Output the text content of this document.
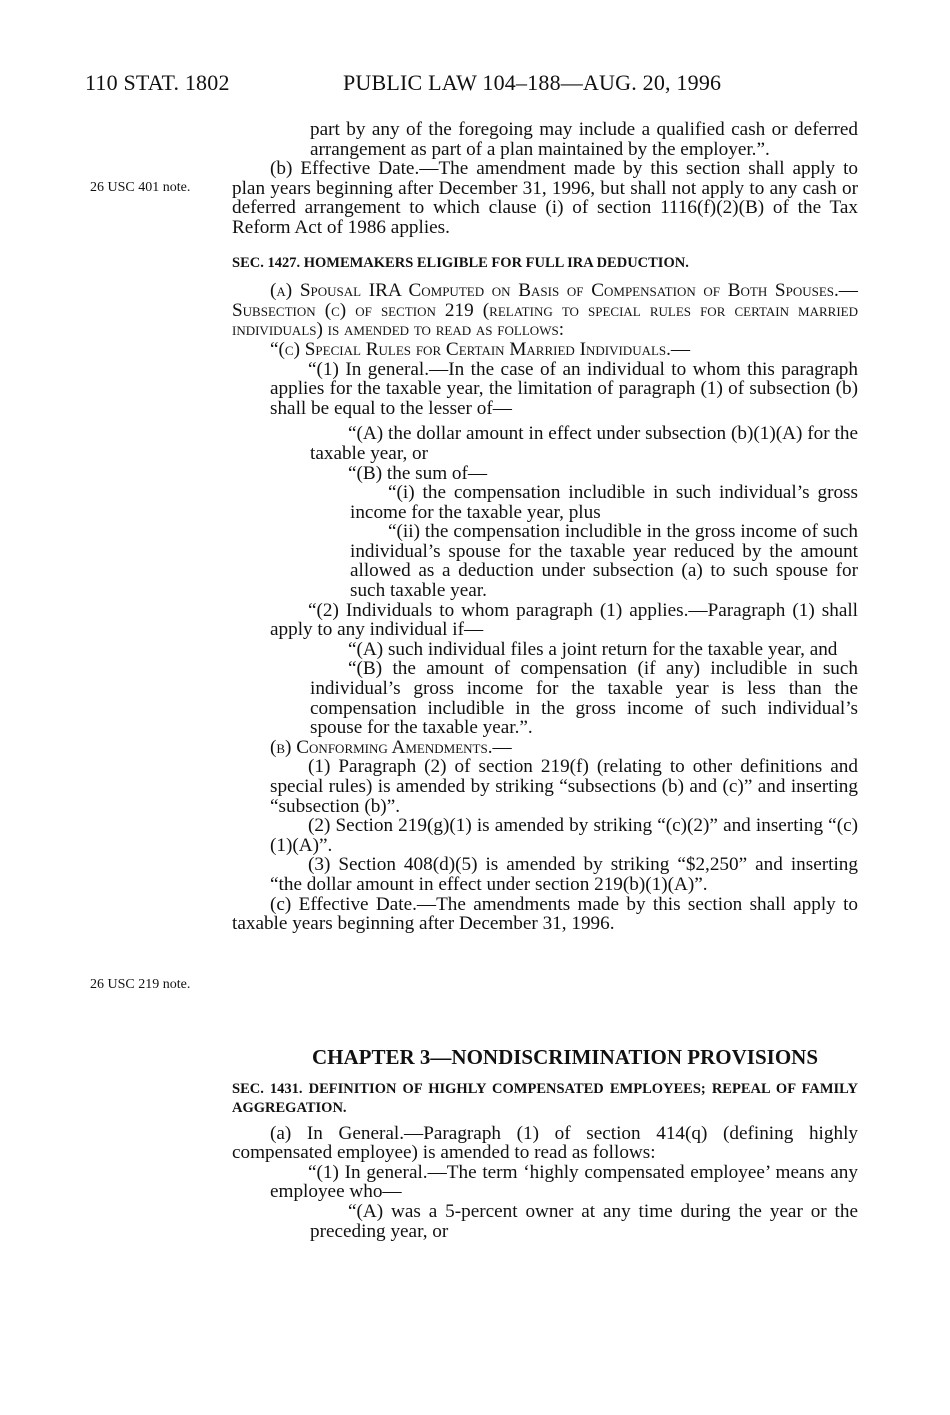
110 STAT. 1802	PUBLIC LAW 104–188—AUG. 20, 1996
26 USC 401 note.
26 USC 219 note.

part by any of the foregoing may include a qualified cash or deferred arrangement as part of a plan maintained by the employer.”.

(b) Effective Date.—The amendment made by this section shall apply to plan years beginning after December 31, 1996, but shall not apply to any cash or deferred arrangement to which clause (i) of section 1116(f)(2)(B) of the Tax Reform Act of 1986 applies.

SEC. 1427. HOMEMAKERS ELIGIBLE FOR FULL IRA DEDUCTION.

(a) Spousal IRA Computed on Basis of Compensation of Both Spouses.—Subsection (c) of section 219 (relating to special rules for certain married individuals) is amended to read as follows:

“(c) Special Rules for Certain Married Individuals.—

“(1) In general.—In the case of an individual to whom this paragraph applies for the taxable year, the limitation of paragraph (1) of subsection (b) shall be equal to the lesser of—

“(A) the dollar amount in effect under subsection (b)(1)(A) for the taxable year, or

“(B) the sum of—

“(i) the compensation includible in such individual’s gross income for the taxable year, plus

“(ii) the compensation includible in the gross income of such individual’s spouse for the taxable year reduced by the amount allowed as a deduction under subsection (a) to such spouse for such taxable year.

“(2) Individuals to whom paragraph (1) applies.—Paragraph (1) shall apply to any individual if—

“(A) such individual files a joint return for the taxable year, and

“(B) the amount of compensation (if any) includible in such individual’s gross income for the taxable year is less than the compensation includible in the gross income of such individual’s spouse for the taxable year.”.

(b) Conforming Amendments.—

(1) Paragraph (2) of section 219(f) (relating to other definitions and special rules) is amended by striking “subsections (b) and (c)” and inserting “subsection (b)”.

(2) Section 219(g)(1) is amended by striking “(c)(2)” and inserting “(c)(1)(A)”.

(3) Section 408(d)(5) is amended by striking “$2,250” and inserting “the dollar amount in effect under section 219(b)(1)(A)”.

(c) Effective Date.—The amendments made by this section shall apply to taxable years beginning after December 31, 1996.

CHAPTER 3—NONDISCRIMINATION PROVISIONS

SEC. 1431. DEFINITION OF HIGHLY COMPENSATED EMPLOYEES; REPEAL OF FAMILY AGGREGATION.

(a) In General.—Paragraph (1) of section 414(q) (defining highly compensated employee) is amended to read as follows:

“(1) In general.—The term ‘highly compensated employee’ means any employee who—

“(A) was a 5-percent owner at any time during the year or the preceding year, or
